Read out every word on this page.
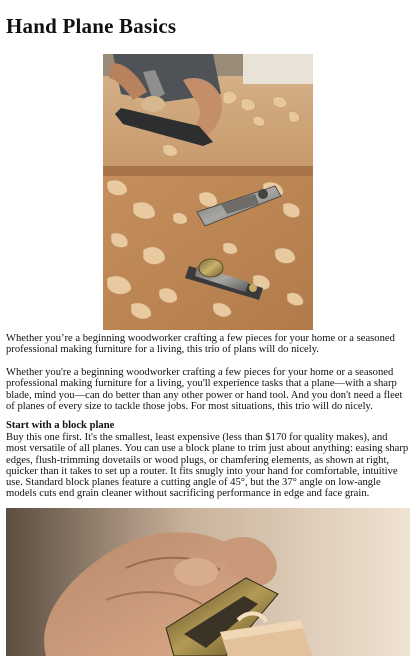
Hand Plane Basics

Whether you’re a beginning woodworker crafting a few pieces for your home or a seasoned professional making furniture for a living, this trio of plans will do nicely.

Whether you're a beginning woodworker crafting a few pieces for your home or a seasoned professional making furniture for a living, you'll experience tasks that a plane—with a sharp blade, mind you—can do better than any other power or hand tool. And you don't need a fleet of planes of every size to tackle those jobs. For most situations, this trio will do nicely.

Start with a block plane

Buy this one first. It's the smallest, least expensive (less than $170 for quality makes), and most versatile of all planes. You can use a block plane to trim just about anything: easing sharp edges, flush-trimming dovetails or wood plugs, or chamfering elements, as shown at right, quicker than it takes to set up a router. It fits snugly into your hand for comfortable, intuitive use. Standard block planes feature a cutting angle of 45°, but the 37° angle on low-angle models cuts end grain cleaner without sacrificing performance in edge and face grain.
